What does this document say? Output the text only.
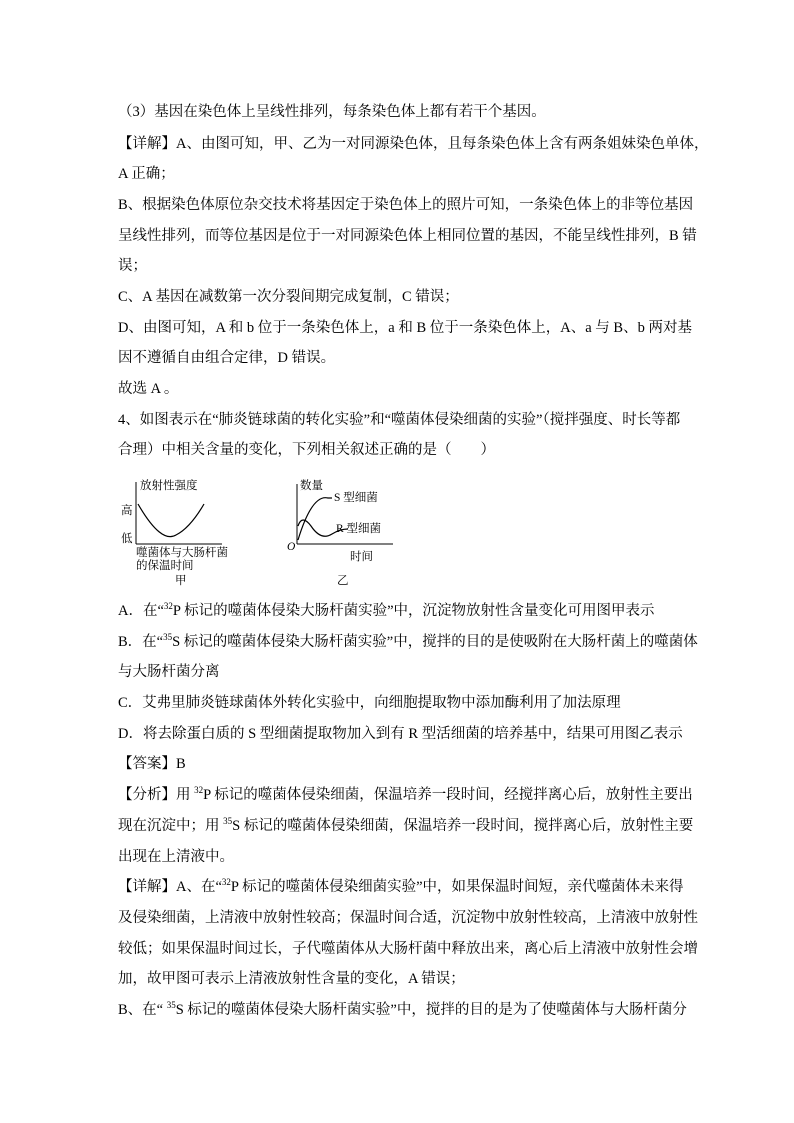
（3）基因在染色体上呈线性排列，每条染色体上都有若干个基因。
【详解】A、由图可知，甲、乙为一对同源染色体，且每条染色体上含有两条姐妹染色单体，
A 正确；
B、根据染色体原位杂交技术将基因定于染色体上的照片可知，一条染色体上的非等位基因
呈线性排列，而等位基因是位于一对同源染色体上相同位置的基因，不能呈线性排列，B 错
误；
C、A 基因在减数第一次分裂间期完成复制，C 错误；
D、由图可知，A 和 b 位于一条染色体上，a 和 B 位于一条染色体上，A、a 与 B、b 两对基
因不遵循自由组合定律，D 错误。
故选 A 。
4、如图表示在“肺炎链球菌的转化实验”和“噬菌体侵染细菌的实验”（搅拌强度、时长等都
合理）中相关含量的变化，下列相关叙述正确的是（　　）
放射性强度
高
低
噬菌体与大肠杆菌
的保温时间
甲
数量
S 型细菌
R 型细菌
O
时间
乙
A．在“$^{32}$P 标记的噬菌体侵染大肠杆菌实验”中，沉淀物放射性含量变化可用图甲表示
B．在“$^{35}$S 标记的噬菌体侵染大肠杆菌实验”中，搅拌的目的是使吸附在大肠杆菌上的噬菌体
与大肠杆菌分离
C．艾弗里肺炎链球菌体外转化实验中，向细胞提取物中添加酶利用了加法原理
D．将去除蛋白质的 S 型细菌提取物加入到有 R 型活细菌的培养基中，结果可用图乙表示
【答案】B
【分析】用 $^{32}$P 标记的噬菌体侵染细菌，保温培养一段时间，经搅拌离心后，放射性主要出
现在沉淀中；用 $^{35}$S 标记的噬菌体侵染细菌，保温培养一段时间，搅拌离心后，放射性主要
出现在上清液中。
【详解】A、在“$^{32}$P 标记的噬菌体侵染细菌实验”中，如果保温时间短，亲代噬菌体未来得
及侵染细菌，上清液中放射性较高；保温时间合适，沉淀物中放射性较高，上清液中放射性
较低；如果保温时间过长，子代噬菌体从大肠杆菌中释放出来，离心后上清液中放射性会增
加，故甲图可表示上清液放射性含量的变化，A 错误；
B、在“ $^{35}$S 标记的噬菌体侵染大肠杆菌实验”中，搅拌的目的是为了使噬菌体与大肠杆菌分
